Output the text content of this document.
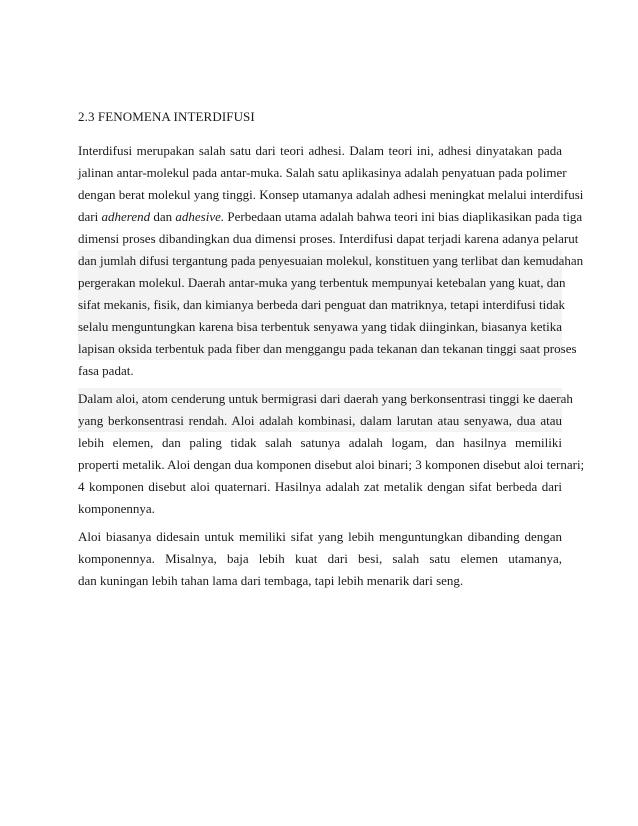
2.3 FENOMENA INTERDIFUSI
Interdifusi merupakan salah satu dari teori adhesi. Dalam teori ini, adhesi dinyatakan pada
jalinan antar-molekul pada antar-muka. Salah satu aplikasinya adalah penyatuan pada polimer
dengan berat molekul yang tinggi. Konsep utamanya adalah adhesi meningkat melalui interdifusi
dari adherend dan adhesive. Perbedaan utama adalah bahwa teori ini bias diaplikasikan pada tiga
dimensi proses dibandingkan dua dimensi proses. Interdifusi dapat terjadi karena adanya pelarut
dan jumlah difusi tergantung pada penyesuaian molekul, konstituen yang terlibat dan kemudahan
pergerakan molekul. Daerah antar-muka yang terbentuk mempunyai ketebalan yang kuat, dan
sifat mekanis, fisik, dan kimianya berbeda dari penguat dan matriknya, tetapi interdifusi tidak
selalu menguntungkan karena bisa terbentuk senyawa yang tidak diinginkan, biasanya ketika
lapisan oksida terbentuk pada fiber dan menggangu pada tekanan dan tekanan tinggi saat proses
fasa padat.
Dalam aloi, atom cenderung untuk bermigrasi dari daerah yang berkonsentrasi tinggi ke daerah
yang berkonsentrasi rendah. Aloi adalah kombinasi, dalam larutan atau senyawa, dua atau
lebih elemen, dan paling tidak salah satunya adalah logam, dan hasilnya memiliki
properti metalik. Aloi dengan dua komponen disebut aloi binari; 3 komponen disebut aloi ternari;
4 komponen disebut aloi quaternari. Hasilnya adalah zat metalik dengan sifat berbeda dari
komponennya.
Aloi biasanya didesain untuk memiliki sifat yang lebih menguntungkan dibanding dengan
komponennya. Misalnya, baja lebih kuat dari besi, salah satu elemen utamanya,
dan kuningan lebih tahan lama dari tembaga, tapi lebih menarik dari seng.
